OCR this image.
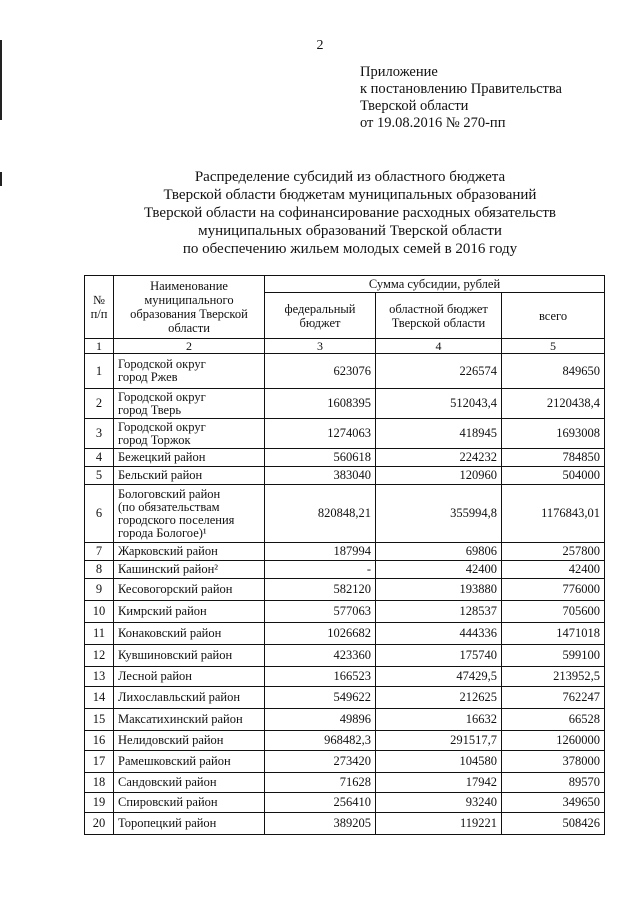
2
Приложение
к постановлению Правительства
Тверской области
от 19.08.2016 № 270-пп
Распределение субсидий из областного бюджета
Тверской области бюджетам муниципальных образований
Тверской области на софинансирование расходных обязательств
муниципальных образований Тверской области
по обеспечению жильем молодых семей в 2016 году
№ п/п	Наименование муниципального образования Тверской области	Сумма субсидии, рублей		
		федеральный бюджет	областной бюджет Тверской области	всего
1	2	3	4	5
1	Городской округ
город Ржев	623076	226574	849650
2	Городской округ
город Тверь	1608395	512043,4	2120438,4
3	Городской округ
город Торжок	1274063	418945	1693008
4	Бежецкий район	560618	224232	784850
5	Бельский район	383040	120960	504000
6	Бологовский район
(по обязательствам
городского поселения
города Бологое)¹	820848,21	355994,8	1176843,01
7	Жарковский район	187994	69806	257800
8	Кашинский район²	-	42400	42400
9	Кесовогорский район	582120	193880	776000
10	Кимрский район	577063	128537	705600
11	Конаковский район	1026682	444336	1471018
12	Кувшиновский район	423360	175740	599100
13	Лесной район	166523	47429,5	213952,5
14	Лихославльский район	549622	212625	762247
15	Максатихинский район	49896	16632	66528
16	Нелидовский район	968482,3	291517,7	1260000
17	Рамешковский район	273420	104580	378000
18	Сандовский район	71628	17942	89570
19	Спировский район	256410	93240	349650
20	Торопецкий район	389205	119221	508426
